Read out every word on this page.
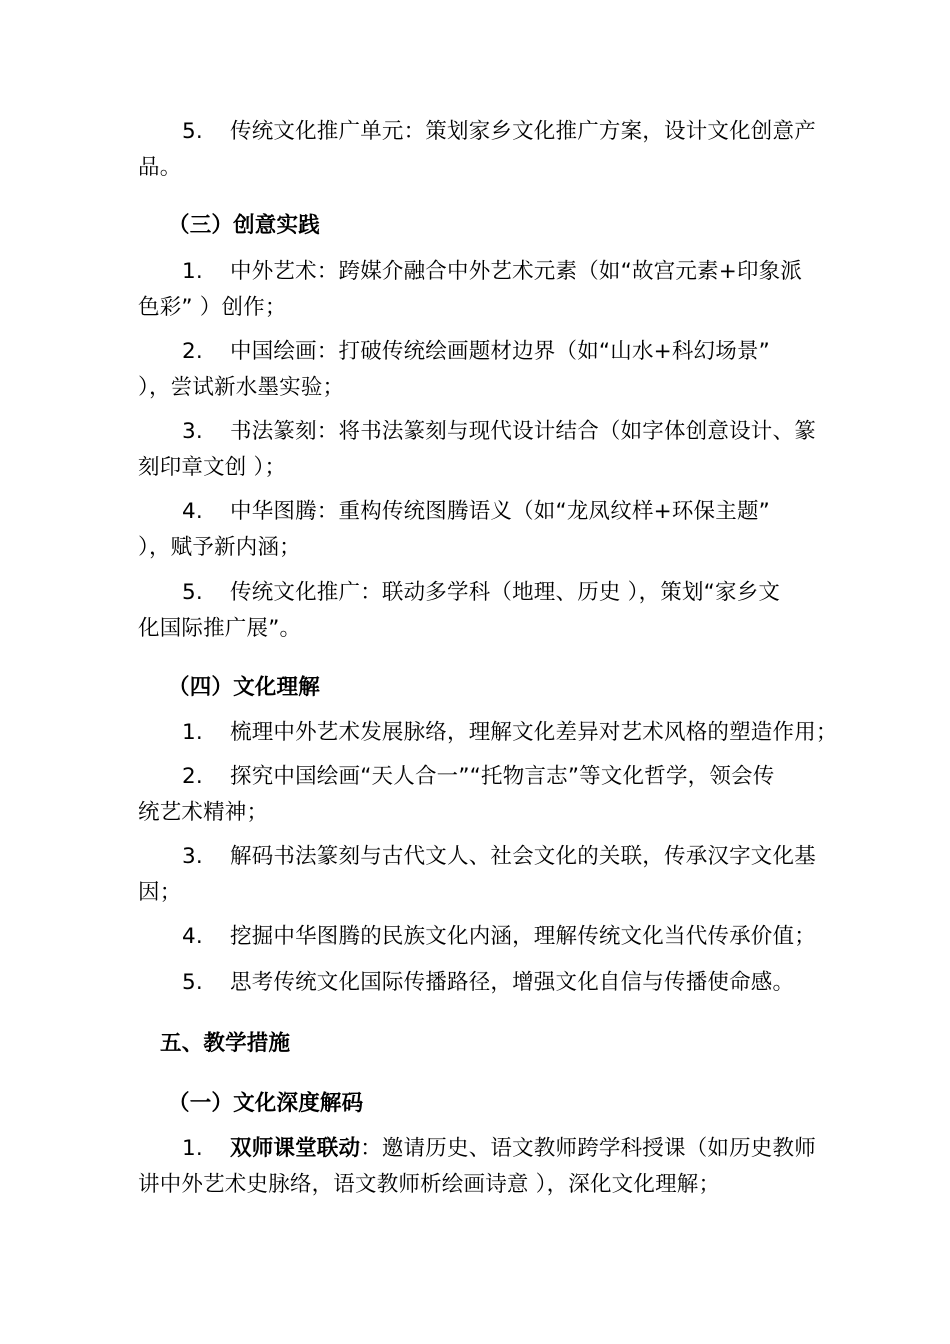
5. 传统文化推广单元：策划家乡文化推广方案，设计文化创意产

品。

（三）创意实践

1. 中外艺术：跨媒介融合中外艺术元素（如“故宫元素+印象派

色彩” ）创作；

2. 中国绘画：打破传统绘画题材边界（如“山水+科幻场景”

），尝试新水墨实验；

3. 书法篆刻：将书法篆刻与现代设计结合（如字体创意设计、篆

刻印章文创 ）；

4. 中华图腾：重构传统图腾语义（如“龙凤纹样+环保主题”

），赋予新内涵；

5. 传统文化推广：联动多学科（地理、历史 ），策划“家乡文

化国际推广展”。

（四）文化理解

1. 梳理中外艺术发展脉络，理解文化差异对艺术风格的塑造作用；

2. 探究中国绘画“天人合一”“托物言志”等文化哲学，领会传

统艺术精神；

3. 解码书法篆刻与古代文人、社会文化的关联，传承汉字文化基

因；

4. 挖掘中华图腾的民族文化内涵，理解传统文化当代传承价值；

5. 思考传统文化国际传播路径，增强文化自信与传播使命感。

五、教学措施

（一）文化深度解码

1. 双师课堂联动：邀请历史、语文教师跨学科授课（如历史教师

讲中外艺术史脉络，语文教师析绘画诗意 ），深化文化理解；
